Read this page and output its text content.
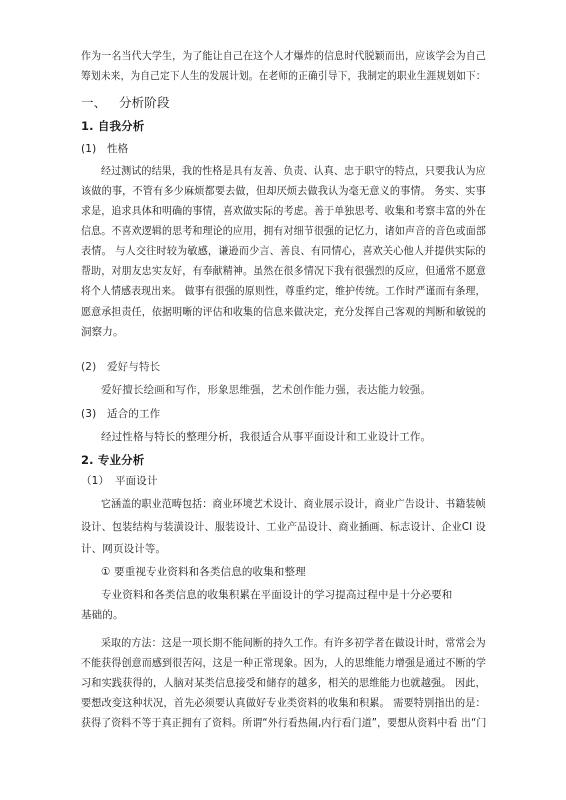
作为一名当代大学生，为了能让自己在这个人才爆炸的信息时代脱颖而出，应该学会为自己
筹划未来，为自己定下人生的发展计划。在老师的正确引导下，我制定的职业生涯规划如下：
一、 分析阶段
1. 自我分析
(1) 性格
经过测试的结果，我的性格是具有友善、负责、认真、忠于职守的特点，只要我认为应
该做的事，不管有多少麻烦都要去做，但却厌烦去做我认为毫无意义的事情。 务实、实事
求是，追求具体和明确的事情，喜欢做实际的考虑。善于单独思考、收集和考察丰富的外在
信息。不喜欢逻辑的思考和理论的应用，拥有对细节很强的记忆力，诸如声音的音色或面部
表情。 与人交往时较为敏感，谦逊而少言、善良、有同情心，喜欢关心他人并提供实际的
帮助，对朋友忠实友好，有奉献精神。虽然在很多情况下我有很强烈的反应，但通常不愿意
将个人情感表现出来。 做事有很强的原则性，尊重约定，维护传统。工作时严谨而有条理，
愿意承担责任，依据明晰的评估和收集的信息来做决定，充分发挥自己客观的判断和敏锐的
洞察力。
(2) 爱好与特长
爱好擅长绘画和写作，形象思维强，艺术创作能力强，表达能力较强。
(3) 适合的工作
经过性格与特长的整理分析，我很适合从事平面设计和工业设计工作。
2. 专业分析
（1） 平面设计
它涵盖的职业范畴包括：商业环境艺术设计、商业展示设计，商业广告设计、书籍装帧
设计、包装结构与装潢设计、服装设计、工业产品设计、商业插画、标志设计、企业CI 设
计、网页设计等。
① 要重视专业资料和各类信息的收集和整理
专业资料和各类信息的收集积累在平面设计的学习提高过程中是十分必要和
基础的。
采取的方法：这是一项长期不能间断的持久工作。有许多初学者在做设计时，常常会为
不能获得创意而感到很苦闷，这是一种正常现象。因为，人的思维能力增强是通过不断的学
习和实践获得的，人脑对某类信息接受和储存的越多，相关的思维能力也就越强。 因此，
要想改变这种状况，首先必须要认真做好专业类资料的收集和积累。 需要特别指出的是：
获得了资料不等于真正拥有了资料。所谓“外行看热闹,内行看门道”，要想从资料中看 出“门
